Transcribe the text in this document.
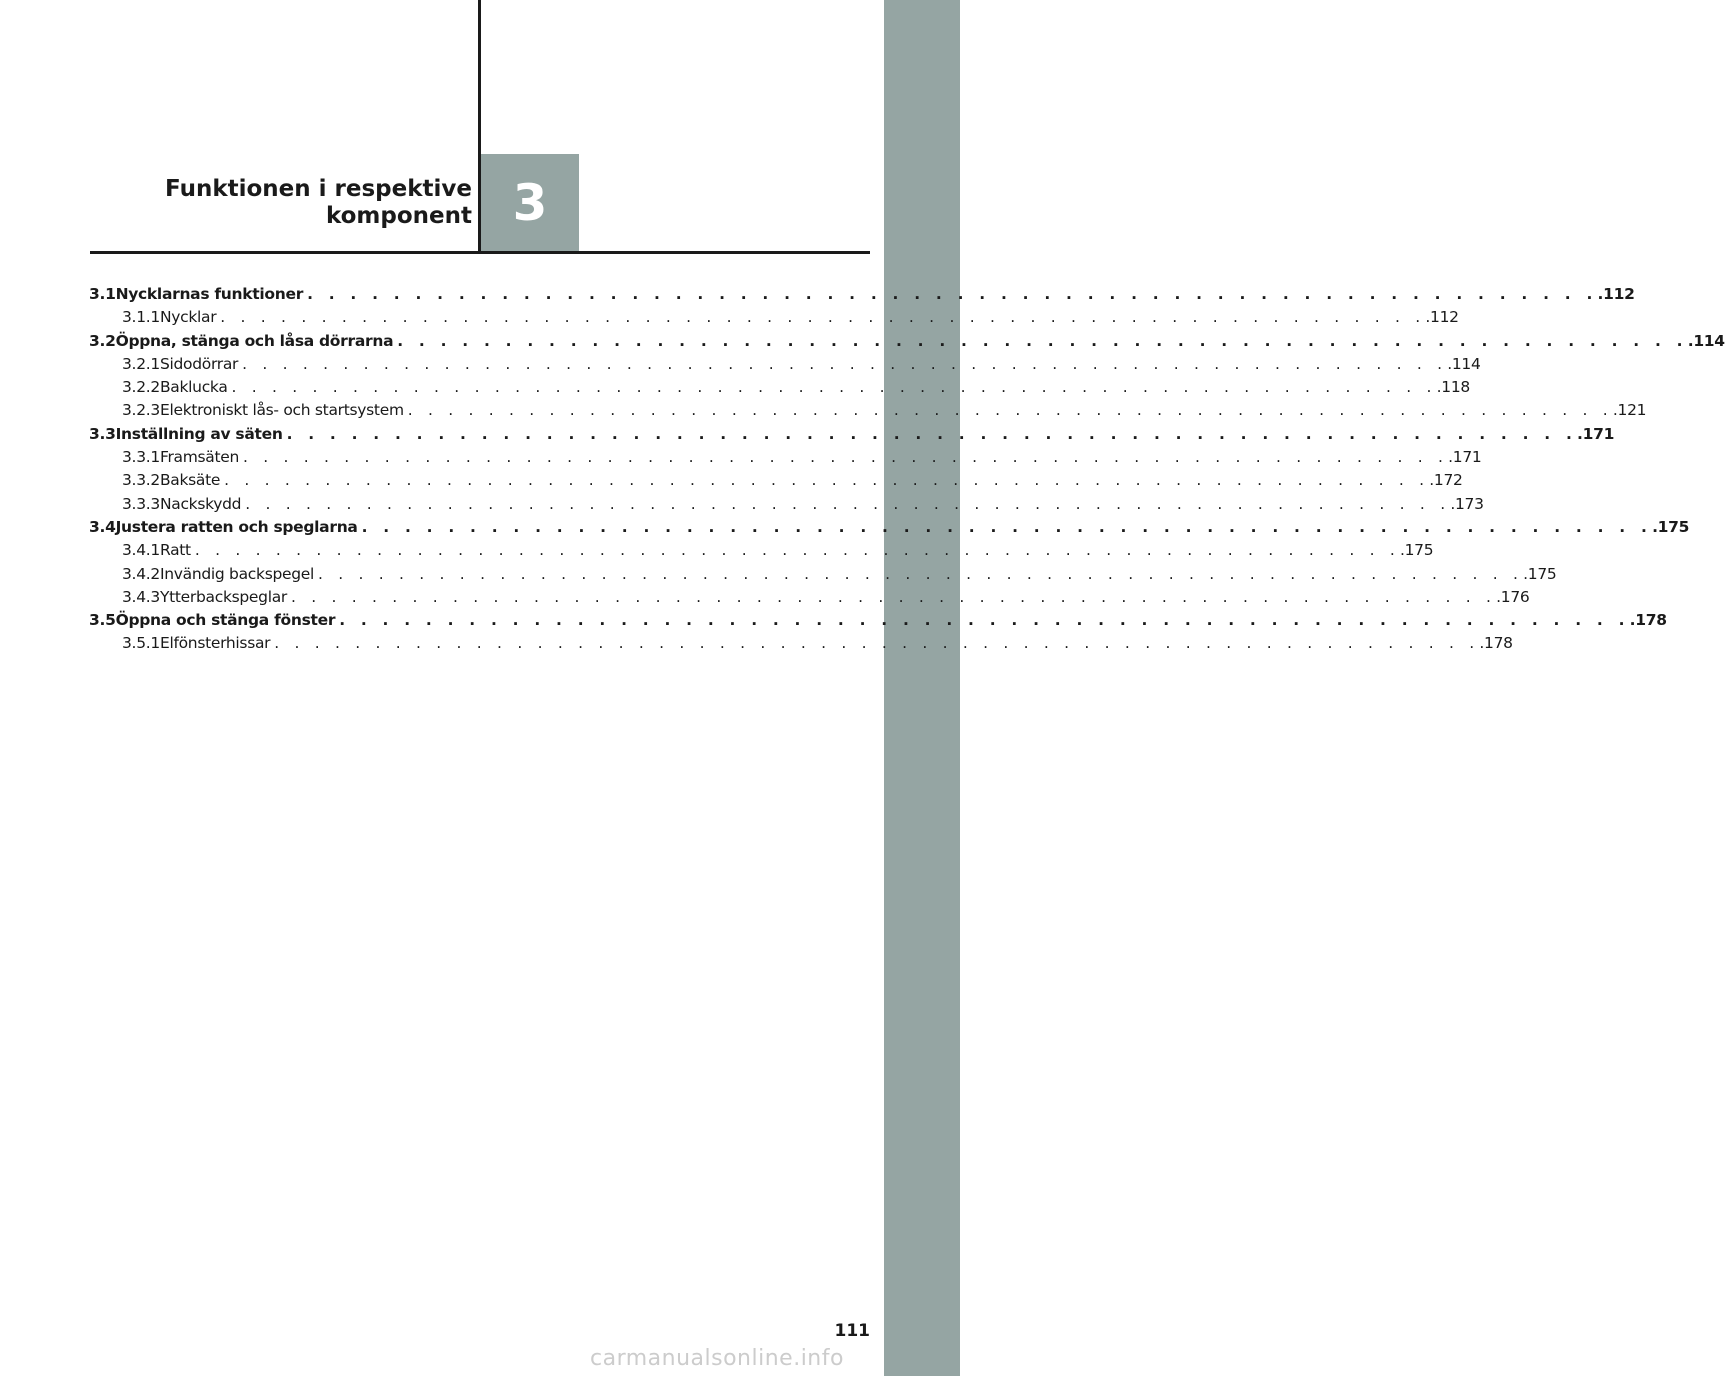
Funktionen i respektive
komponent 3
3.1 Nycklarnas funktioner . . . . . . . . . . . . . . . . . . . . . . . . . . . . . . . . . . . . . . . . . . . . . . . . . . . . . . . . . . . . .112
3.1.1 Nycklar . . . . . . . . . . . . . . . . . . . . . . . . . . . . . . . . . . . . . . . . . . . . . . . . . . . . . . . . . . . . .112
3.2 Öppna, stänga och låsa dörrarna . . . . . . . . . . . . . . . . . . . . . . . . . . . . . . . . . . . . . . . . . . . . . . . . . . . . . . . . . . . . .114
3.2.1 Sidodörrar . . . . . . . . . . . . . . . . . . . . . . . . . . . . . . . . . . . . . . . . . . . . . . . . . . . . . . . . . . . . .114
3.2.2 Baklucka . . . . . . . . . . . . . . . . . . . . . . . . . . . . . . . . . . . . . . . . . . . . . . . . . . . . . . . . . . . . .118
3.2.3 Elektroniskt lås- och startsystem . . . . . . . . . . . . . . . . . . . . . . . . . . . . . . . . . . . . . . . . . . . . . . . . . . . . . . . . . . . . .121
3.3 Inställning av säten . . . . . . . . . . . . . . . . . . . . . . . . . . . . . . . . . . . . . . . . . . . . . . . . . . . . . . . . . . . . .171
3.3.1 Framsäten . . . . . . . . . . . . . . . . . . . . . . . . . . . . . . . . . . . . . . . . . . . . . . . . . . . . . . . . . . . . .171
3.3.2 Baksäte . . . . . . . . . . . . . . . . . . . . . . . . . . . . . . . . . . . . . . . . . . . . . . . . . . . . . . . . . . . . .172
3.3.3 Nackskydd . . . . . . . . . . . . . . . . . . . . . . . . . . . . . . . . . . . . . . . . . . . . . . . . . . . . . . . . . . . . .173
3.4 Justera ratten och speglarna . . . . . . . . . . . . . . . . . . . . . . . . . . . . . . . . . . . . . . . . . . . . . . . . . . . . . . . . . . . . .175
3.4.1 Ratt . . . . . . . . . . . . . . . . . . . . . . . . . . . . . . . . . . . . . . . . . . . . . . . . . . . . . . . . . . . . .175
3.4.2 Invändig backspegel . . . . . . . . . . . . . . . . . . . . . . . . . . . . . . . . . . . . . . . . . . . . . . . . . . . . . . . . . . . . .175
3.4.3 Ytterbackspeglar . . . . . . . . . . . . . . . . . . . . . . . . . . . . . . . . . . . . . . . . . . . . . . . . . . . . . . . . . . . . .176
3.5 Öppna och stänga fönster . . . . . . . . . . . . . . . . . . . . . . . . . . . . . . . . . . . . . . . . . . . . . . . . . . . . . . . . . . . . .178
3.5.1 Elfönsterhissar . . . . . . . . . . . . . . . . . . . . . . . . . . . . . . . . . . . . . . . . . . . . . . . . . . . . . . . . . . . . .178
111
carmanualsonline.info
